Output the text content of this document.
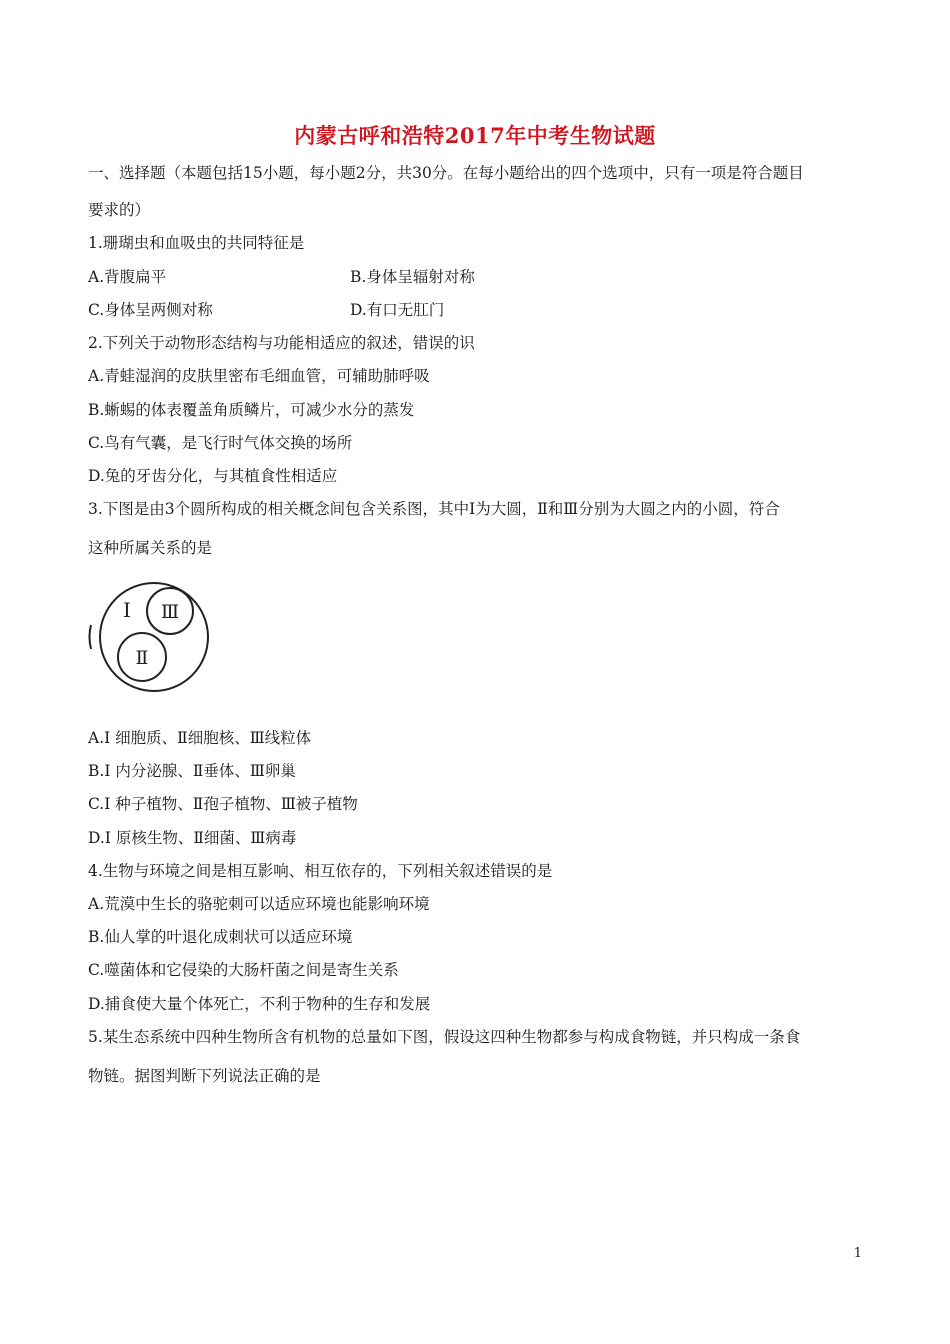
内蒙古呼和浩特2017年中考生物试题
一、选择题（本题包括15小题，每小题2分，共30分。在每小题给出的四个选项中，只有一项是符合题目
要求的）
1.珊瑚虫和血吸虫的共同特征是
A.背腹扁平	B.身体呈辐射对称
C.身体呈两侧对称	D.有口无肛门
2.下列关于动物形态结构与功能相适应的叙述，错误的识
A.青蛙湿润的皮肤里密布毛细血管，可辅助肺呼吸
B.蜥蜴的体表覆盖角质鳞片，可减少水分的蒸发
C.鸟有气囊，是飞行时气体交换的场所
D.兔的牙齿分化，与其植食性相适应
3.下图是由3个圆所构成的相关概念间包含关系图，其中Ⅰ为大圆，Ⅱ和Ⅲ分别为大圆之内的小圆，符合
这种所属关系的是
Ⅰ Ⅲ
Ⅱ
A.Ⅰ 细胞质、Ⅱ细胞核、Ⅲ线粒体
B.Ⅰ 内分泌腺、Ⅱ垂体、Ⅲ卵巢
C.Ⅰ 种子植物、Ⅱ孢子植物、Ⅲ被子植物
D.Ⅰ 原核生物、Ⅱ细菌、Ⅲ病毒
4.生物与环境之间是相互影响、相互依存的，下列相关叙述错误的是
A.荒漠中生长的骆驼刺可以适应环境也能影响环境
B.仙人掌的叶退化成刺状可以适应环境
C.噬菌体和它侵染的大肠杆菌之间是寄生关系
D.捕食使大量个体死亡，不利于物种的生存和发展
5.某生态系统中四种生物所含有机物的总量如下图，假设这四种生物都参与构成食物链，并只构成一条食
物链。据图判断下列说法正确的是
1
